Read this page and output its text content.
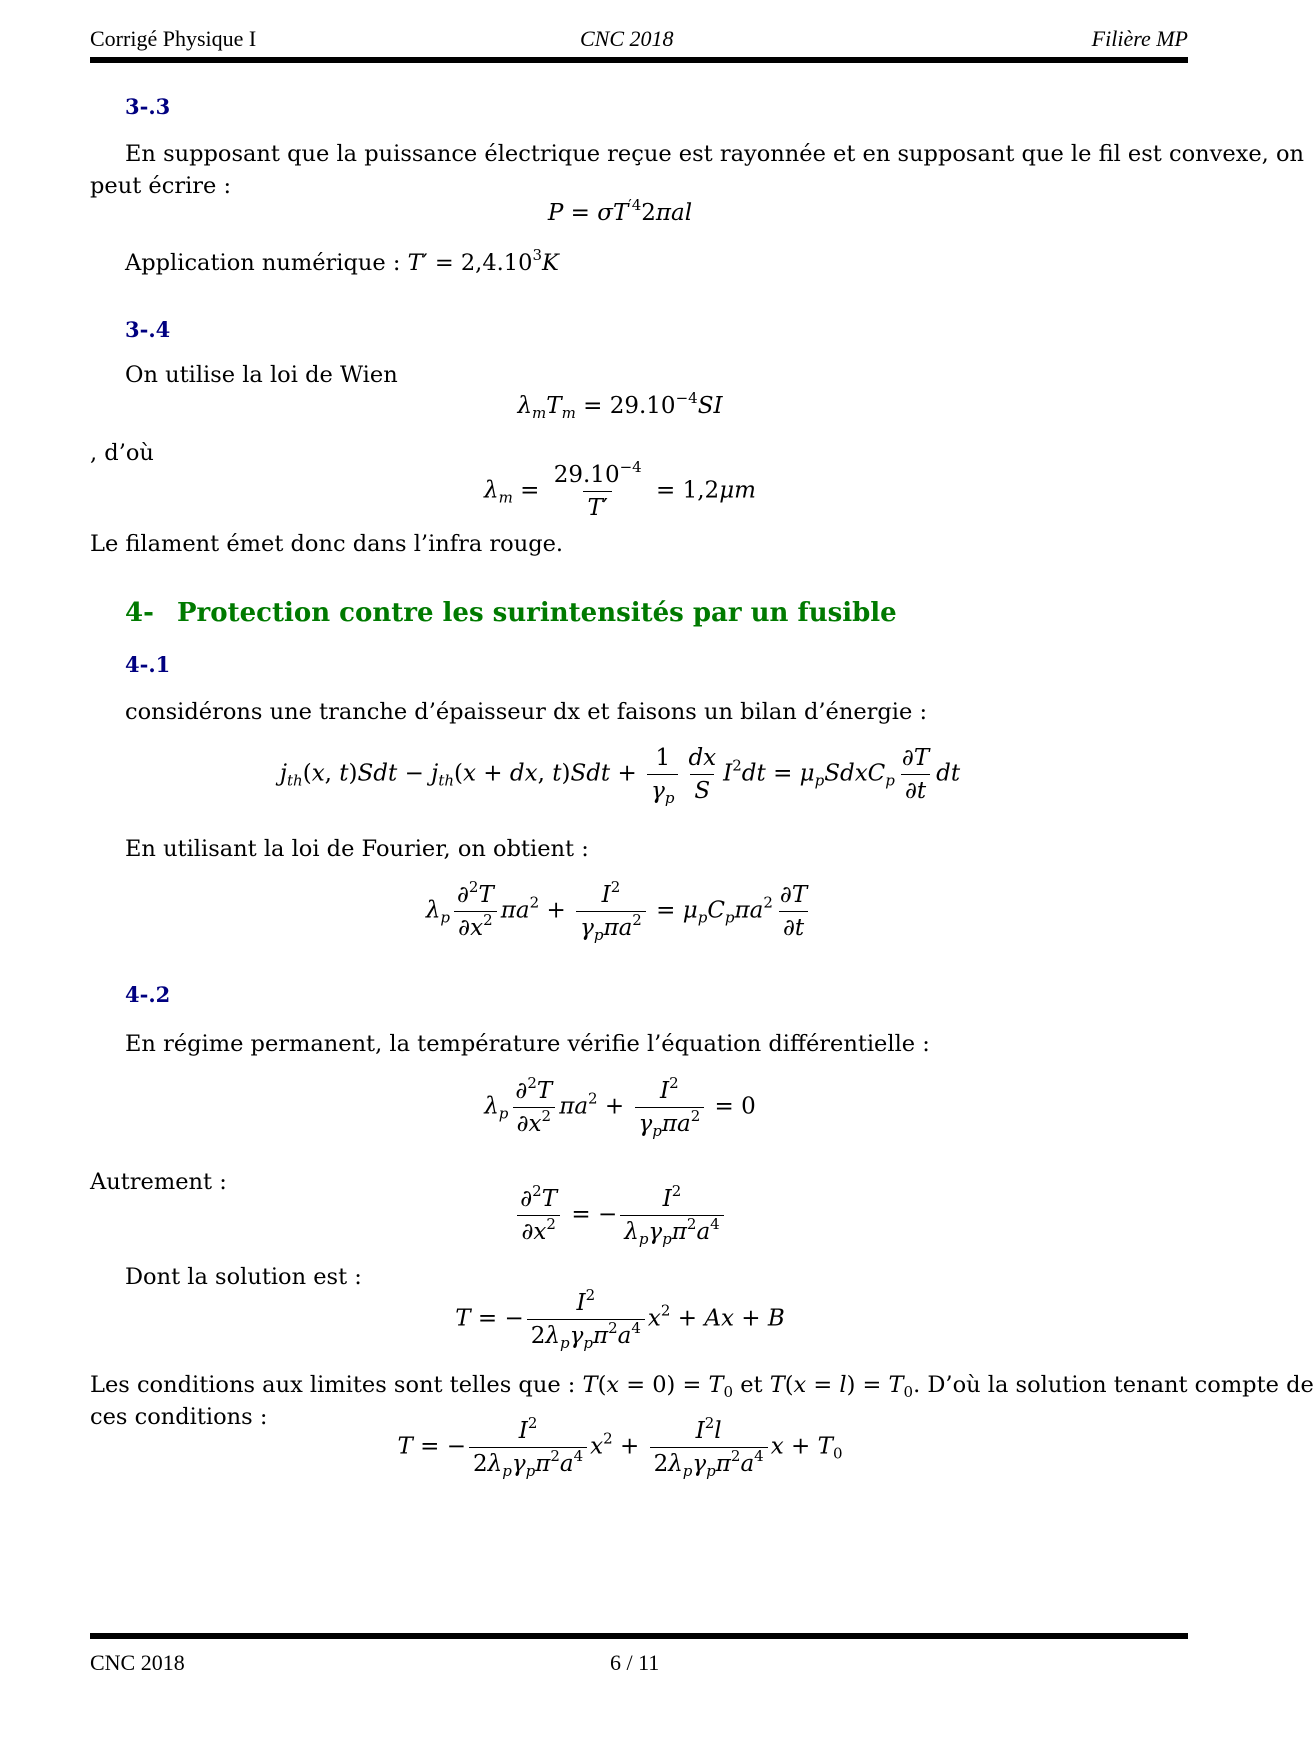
Corrigé Physique I	CNC 2018	Filière MP
3-.3
En supposant que la puissance électrique reçue est rayonnée et en supposant que le fil est convexe, on
peut écrire :
$P = \sigma T^{'4}2\pi al$
Application numérique : $T' = 2,4.10^3K$
3-.4
On utilise la loi de Wien
$\lambda_mT_m = 29.10^{-4}SI$
, d’où
$\lambda_m = \frac{29.10^{-4}}{T'} = 1,2\mu m$
Le filament émet donc dans l’infra rouge.
4- Protection contre les surintensités par un fusible
4-.1
considérons une tranche d’épaisseur dx et faisons un bilan d’énergie :
$j_{th}(x$, $t)Sdt - j_{th}(x$ + dx, $t)Sdt + \frac{1}{\gamma_p} \frac{dx}{S} I^2dt$ = $\mu_pSdxC_p \frac{\partial T}{\partial t}$ dt
En utilisant la loi de Fourier, on obtient :
$\lambda_p \frac{\partial^2T}{\partial x^2} \pi a^2 + \frac{I^2}{\gamma_p\pi a^2} = \mu_pC_p\pi a^2 \frac{\partial T}{\partial t}$
4-.2
En régime permanent, la température vérifie l’équation différentielle :
$\lambda_p \frac{\partial^2T}{\partial x^2} \pi a^2 + \frac{I^2}{\gamma_p\pi a^2} = 0$
Autrement :
$\frac{\partial^2T}{\partial x^2}$ = − $\frac{I^2}{\lambda_p\gamma_p\pi^2a^4}$
Dont la solution est :
T = − $\frac{I^2}{2\lambda_p\gamma_p\pi^2a^4} x^2 + Ax + B$
Les conditions aux limites sont telles que : $T(x = 0) = T_0$ et $T(x = l) = T_0$. D’où la solution tenant compte de
ces conditions :
T = − $\frac{I^2}{2\lambda_p\gamma_p\pi^2a^4} x^2 + \frac{I^2l}{2\lambda_p\gamma_p\pi^2a^4}$ $x + T_0$
CNC 2018	6 / 11
